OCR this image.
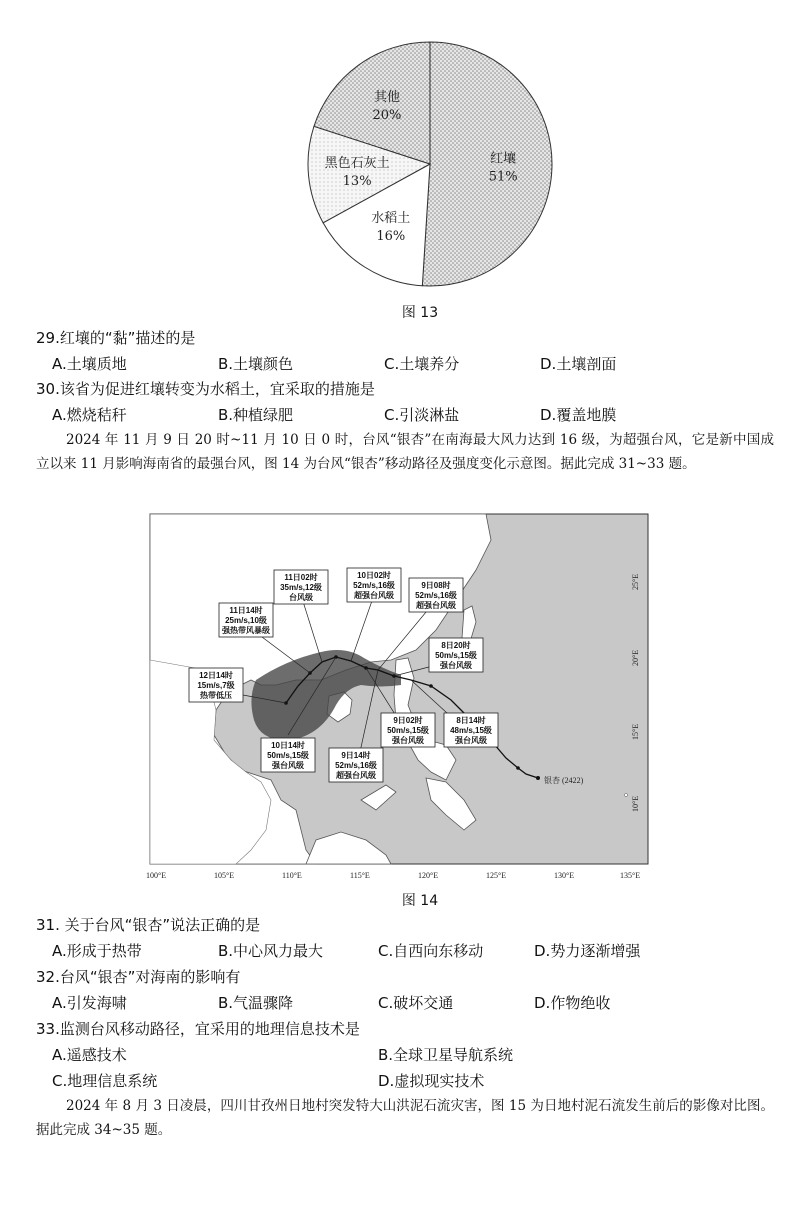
红壤
51%
水稻土
16%
黑色石灰土
13%
其他
20%
图 13
29.红壤的“黏”描述的是
A.土壤质地	B.土壤颜色	C.土壤养分	D.土壤剖面
30.该省为促进红壤转变为水稻土，宜采取的措施是
A.燃烧秸秆	B.种植绿肥	C.引淡淋盐	D.覆盖地膜
2024 年 11 月 9 日 20 时~11 月 10 日 0 时，台风“银杏”在南海最大风力达到 16 级，为超强台风，它是新中国成立以来 11 月影响海南省的最强台风，图 14 为台风“银杏”移动路径及强度变化示意图。据此完成 31~33 题。
银杏 (2422)
11日02时
35m/s,12级
台风级
10日02时
52m/s,16级
超强台风级
9日08时
52m/s,16级
超强台风级
11日14时
25m/s,10级
强热带风暴级
8日20时
50m/s,15级
强台风级
12日14时
15m/s,7级
热带低压
8日14时
48m/s,15级
强台风级
9日02时
50m/s,15级
强台风级
10日14时
50m/s,15级
强台风级
9日14时
52m/s,16级
超强台风级
25°E
20°E
15°E
10°E
100°E	105°E	110°E	115°E	120°E	125°E	130°E	135°E
图 14
31. 关于台风“银杏”说法正确的是
A.形成于热带	B.中心风力最大	C.自西向东移动	D.势力逐渐增强
32.台风“银杏”对海南的影响有
A.引发海啸	B.气温骤降	C.破坏交通	D.作物绝收
33.监测台风移动路径，宜采用的地理信息技术是
A.遥感技术	B.全球卫星导航系统
C.地理信息系统	D.虚拟现实技术
2024 年 8 月 3 日凌晨，四川甘孜州日地村突发特大山洪泥石流灾害，图 15 为日地村泥石流发生前后的影像对比图。据此完成 34~35 题。
